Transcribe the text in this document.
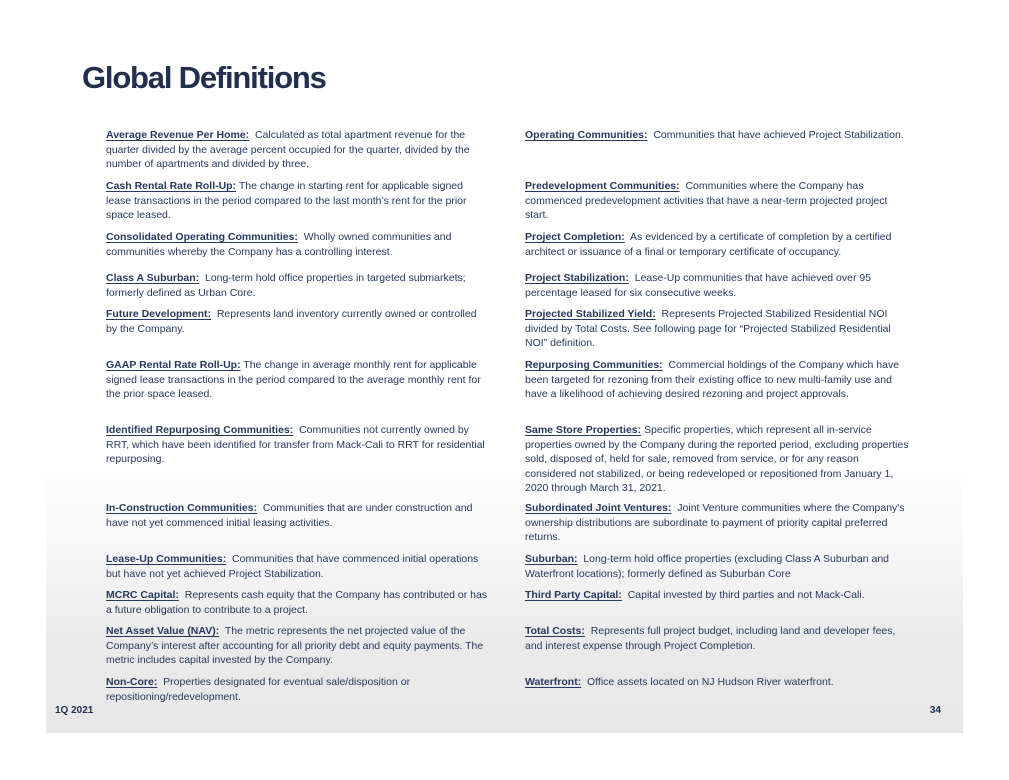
Global Definitions
Average Revenue Per Home:  Calculated as total apartment revenue for the quarter divided by the average percent occupied for the quarter, divided by the number of apartments and divided by three.
Cash Rental Rate Roll-Up: The change in starting rent for applicable signed lease transactions in the period compared to the last month’s rent for the prior space leased.
Consolidated Operating Communities:  Wholly owned communities and communities whereby the Company has a controlling interest.
Class A Suburban:  Long-term hold office properties in targeted submarkets; formerly defined as Urban Core.
Future Development:  Represents land inventory currently owned or controlled by the Company.
GAAP Rental Rate Roll-Up: The change in average monthly rent for applicable signed lease transactions in the period compared to the average monthly rent for the prior space leased.
Identified Repurposing Communities:  Communities not currently owned by RRT, which have been identified for transfer from Mack-Cali to RRT for residential repurposing.
In-Construction Communities:  Communities that are under construction and have not yet commenced initial leasing activities.
Lease-Up Communities:  Communities that have commenced initial operations but have not yet achieved Project Stabilization.
MCRC Capital:  Represents cash equity that the Company has contributed or has a future obligation to contribute to a project.
Net Asset Value (NAV):  The metric represents the net projected value of the Company’s interest after accounting for all priority debt and equity payments. The metric includes capital invested by the Company.
Non-Core:  Properties designated for eventual sale/disposition or repositioning/redevelopment.
Operating Communities:  Communities that have achieved Project Stabilization.
Predevelopment Communities:  Communities where the Company has commenced predevelopment activities that have a near-term projected project start.
Project Completion:  As evidenced by a certificate of completion by a certified architect or issuance of a final or temporary certificate of occupancy.
Project Stabilization:  Lease-Up communities that have achieved over 95 percentage leased for six consecutive weeks.
Projected Stabilized Yield:  Represents Projected Stabilized Residential NOI divided by Total Costs. See following page for “Projected Stabilized Residential NOI” definition.
Repurposing Communities:  Commercial holdings of the Company which have been targeted for rezoning from their existing office to new multi-family use and have a likelihood of achieving desired rezoning and project approvals.
Same Store Properties: Specific properties, which represent all in-service properties owned by the Company during the reported period, excluding properties sold, disposed of, held for sale, removed from service, or for any reason considered not stabilized, or being redeveloped or repositioned from January 1, 2020 through March 31, 2021.
Subordinated Joint Ventures:  Joint Venture communities where the Company's ownership distributions are subordinate to payment of priority capital preferred returns.
Suburban:  Long-term hold office properties (excluding Class A Suburban and Waterfront locations); formerly defined as Suburban Core
Third Party Capital:  Capital invested by third parties and not Mack-Cali.
Total Costs:  Represents full project budget, including land and developer fees, and interest expense through Project Completion.
Waterfront:  Office assets located on NJ Hudson River waterfront.
1Q 2021	34
